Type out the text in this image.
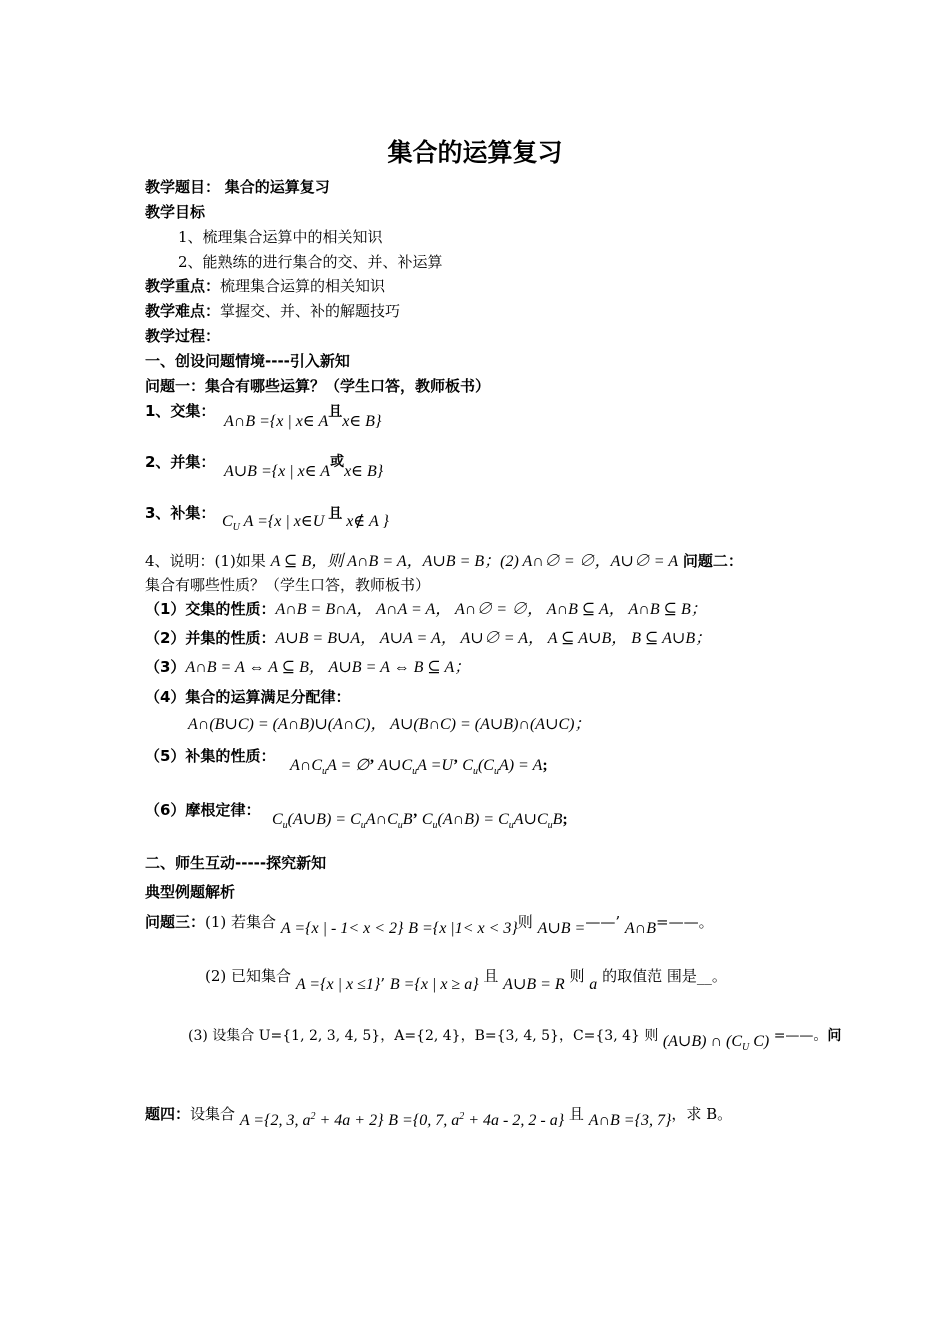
集合的运算复习
教学题目： 集合的运算复习
教学目标
1、梳理集合运算中的相关知识
2、能熟练的进行集合的交、并、补运算
教学重点：梳理集合运算的相关知识
教学难点：掌握交、并、补的解题技巧
教学过程：
一、创设问题情境----引入新知
问题一：集合有哪些运算？（学生口答，教师板书）
1、交集：
A∩B ={x | x∈ A且x∈ B}
2、并集：
A∪B ={x | x∈ A或x∈ B}
3、补集： $C_U$ A ={x | x∈U 且 x∉ A }
4、说明：(1)如果 A ⊆ B，则 A∩B = A，A∪B = B；(2) A∩∅ = ∅，A∪∅ = A 问题二：
集合有哪些性质？（学生口答，教师板书）
（1）交集的性质：A∩B = B∩A， A∩A = A， A∩∅ = ∅， A∩B ⊆ A， A∩B ⊆ B；
（2）并集的性质：A∪B = B∪A， A∪A = A， A∪∅ = A， A ⊆ A∪B， B ⊆ A∪B；
（3）A∩B = A ⇔ A ⊆ B， A∪B = A ⇔ B ⊆ A；
（4）集合的运算满足分配律：
A∩(B∪C) = (A∩B)∪(A∩C)， A∪(B∩C) = (A∪B)∩(A∪C)；
（5）补集的性质：
$A\cap C_uA$ = ∅’ $A\cup C_uA =U$’ $C_u(C_uA) = A$;
（6）摩根定律：
$C_u(A\cup B)$ = $C_uA\cap C_uB$’ $C_u(A\cap B)$ = $C_uA\cup C_uB$;
二、师生互动-----探究新知
典型例题解析
问题三：(1) 若集合 A ={x | - 1< x < 2} B ={x |1< x < 3}则 A∪B =——’ A∩B=——。
(2) 已知集合 A ={x | x ≤1}’ B ={x | x ≥ a} 且 A∪B = R 则 a 的取值范 围是__。
(3) 设集合 U={1, 2, 3, 4, 5}，A={2, 4}，B={3, 4, 5}，C={3, 4} 则 (A∪B) ∩ ($C_U$ C) =——。问
题四：设集合 A ={2, 3, $a^2 + 4a + 2$} B ={0, 7, $a^2 + 4a - 2$, 2 - a} 且 A∩B ={3, 7}，求 B。
